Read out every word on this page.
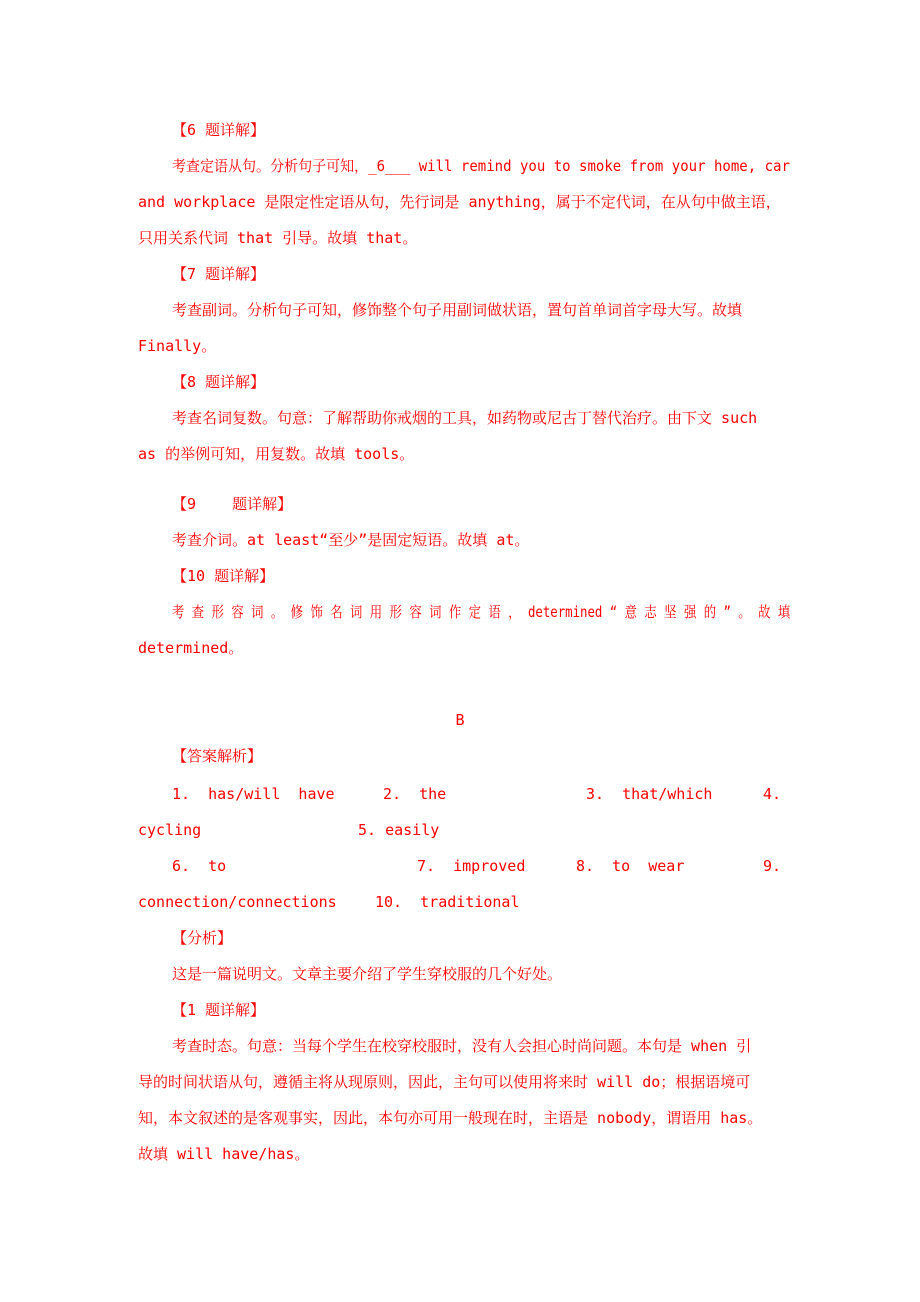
【6 题详解】
考查定语从句。分析句子可知，_6___ will remind you to smoke from your home, car
and workplace 是限定性定语从句，先行词是 anything，属于不定代词，在从句中做主语，
只用关系代词 that 引导。故填 that。
【7 题详解】
考查副词。分析句子可知，修饰整个句子用副词做状语，置句首单词首字母大写。故填
Finally。
【8 题详解】
考查名词复数。句意：了解帮助你戒烟的工具，如药物或尼古丁替代治疗。由下文 such
as 的举例可知，用复数。故填 tools。
【9    题详解】
考查介词。at least“至少”是固定短语。故填 at。
【10 题详解】
考 查 形 容 词 。 修 饰 名 词 用 形 容 词 作 定 语 ， determined “ 意 志 坚 强 的 ” 。 故 填
determined。
B
【答案解析】
1.  has/will  have	2.  the	3.  that/which	4.
cycling	5. easily
6.  to	7.  improved	8.  to  wear	9.
connection/connections	10.  traditional
【分析】
这是一篇说明文。文章主要介绍了学生穿校服的几个好处。
【1 题详解】
考查时态。句意：当每个学生在校穿校服时，没有人会担心时尚问题。本句是 when 引
导的时间状语从句，遵循主将从现原则，因此，主句可以使用将来时 will do；根据语境可
知，本文叙述的是客观事实，因此，本句亦可用一般现在时，主语是 nobody，谓语用 has。
故填 will have/has。
